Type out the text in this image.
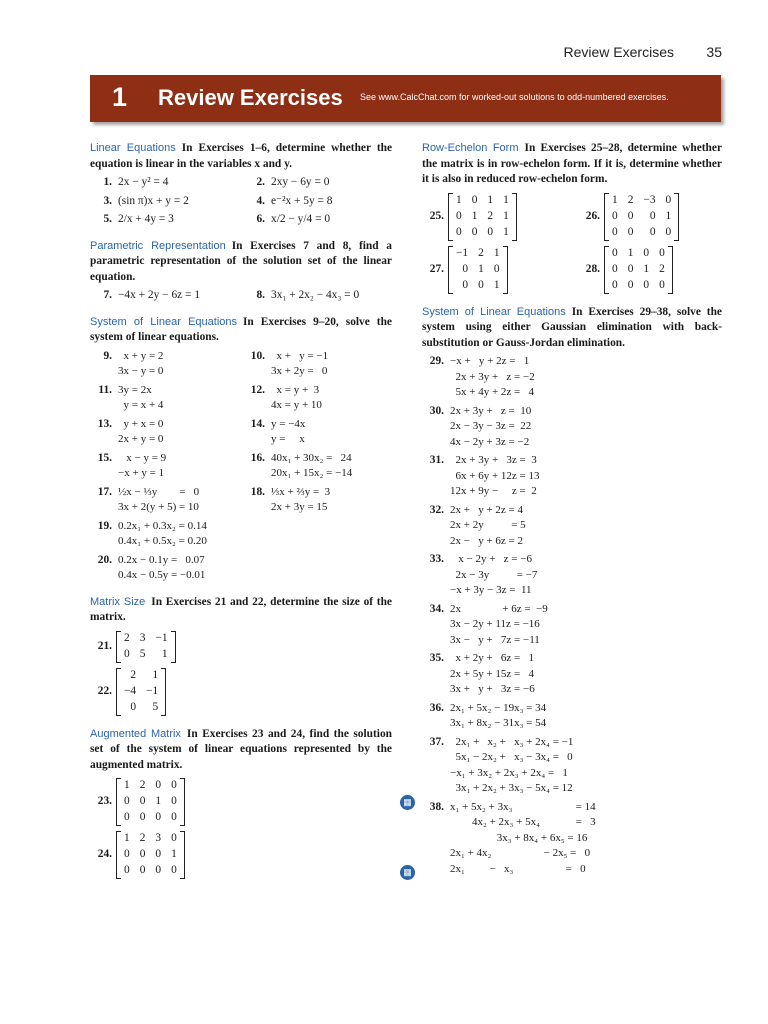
Review Exercises 35
1 Review Exercises See www.CalcChat.com for worked-out solutions to odd-numbered exercises.
Linear Equations In Exercises 1–6, determine whether the equation is linear in the variables x and y.
1. 2x − y² = 4	2. 2xy − 6y = 0
3. (sin π)x + y = 2	4. e⁻²x + 5y = 8
5. 2/x + 4y = 3	6. x/2 − y/4 = 0
Parametric Representation In Exercises 7 and 8, find a parametric representation of the solution set of the linear equation.
7. −4x + 2y − 6z = 1	8. 3x₁ + 2x₂ − 4x₃ = 0
System of Linear Equations In Exercises 9–20, solve the system of linear equations.
9. x + y = 2
3x − y = 0
10. x +   y = −1
3x + 2y =   0
11. 3y = 2x
y = x + 4
12. x = y +  3
4x = y + 10
13. y + x = 0
2x + y = 0
14. y = −4x
y =     x
15. x − y = 9
−x + y = 1
16. 40x₁ + 30x₂ =   24
20x₁ + 15x₂ = −14
17. ½x − ⅓y        =   0
3x + 2(y + 5) = 10
18. ⅓x + ⅔y =  3
2x + 3y = 15
19. 0.2x₁ + 0.3x₂ = 0.14
0.4x₁ + 0.5x₂ = 0.20
20. 0.2x − 0.1y =   0.07
0.4x − 0.5y = −0.01
Matrix Size In Exercises 21 and 22, determine the size of the matrix.
21.
2	3	−1
0	5	1
22.
2	1
−4	−1
0	5
Augmented Matrix In Exercises 23 and 24, find the solution set of the system of linear equations represented by the augmented matrix.
23.
1	2	0	0
0	0	1	0
0	0	0	0
24.
1	2	3	0
0	0	0	1
0	0	0	0
Row-Echelon Form In Exercises 25–28, determine whether the matrix is in row-echelon form. If it is, determine whether it is also in reduced row-echelon form.
25.
1	0	1	1
0	1	2	1
0	0	0	1
26.
1	2	−3	0
0	0	0	1
0	0	0	0
27.
−1	2	1
0	1	0
0	0	1
28.
0	1	0	0
0	0	1	2
0	0	0	0
System of Linear Equations In Exercises 29–38, solve the system using either Gaussian elimination with back-substitution or Gauss-Jordan elimination.
29. −x +   y + 2z =   1
2x + 3y +   z = −2
5x + 4y + 2z =   4
30. 2x + 3y +   z =  10
2x − 3y − 3z =  22
4x − 2y + 3z = −2
31. 2x + 3y +   3z =  3
6x + 6y + 12z = 13
12x + 9y −     z =  2
32. 2x +   y + 2z = 4
2x + 2y          = 5
2x −   y + 6z = 2
33. x − 2y +   z = −6
2x − 3y          = −7
−x + 3y − 3z =  11
34. 2x               + 6z =  −9
3x − 2y + 11z = −16
3x −   y +   7z = −11
35. x + 2y +   6z =   1
2x + 5y + 15z =   4
3x +   y +   3z = −6
36. 2x₁ + 5x₂ − 19x₃ = 34
3x₁ + 8x₂ − 31x₃ = 54
37. 2x₁ +   x₂ +   x₃ + 2x₄ = −1
5x₁ − 2x₂ +   x₃ − 3x₄ =   0
−x₁ + 3x₂ + 2x₃ + 2x₄ =   1
3x₁ + 2x₂ + 3x₃ − 5x₄ = 12
38. x₁ + 5x₂ + 3x₃                       = 14
4x₂ + 2x₃ + 5x₄             =   3
3x₃ + 8x₄ + 6x₅ = 16
2x₁ + 4x₂                   − 2x₅ =   0
2x₁         −   x₃                   =   0
▦
▦
